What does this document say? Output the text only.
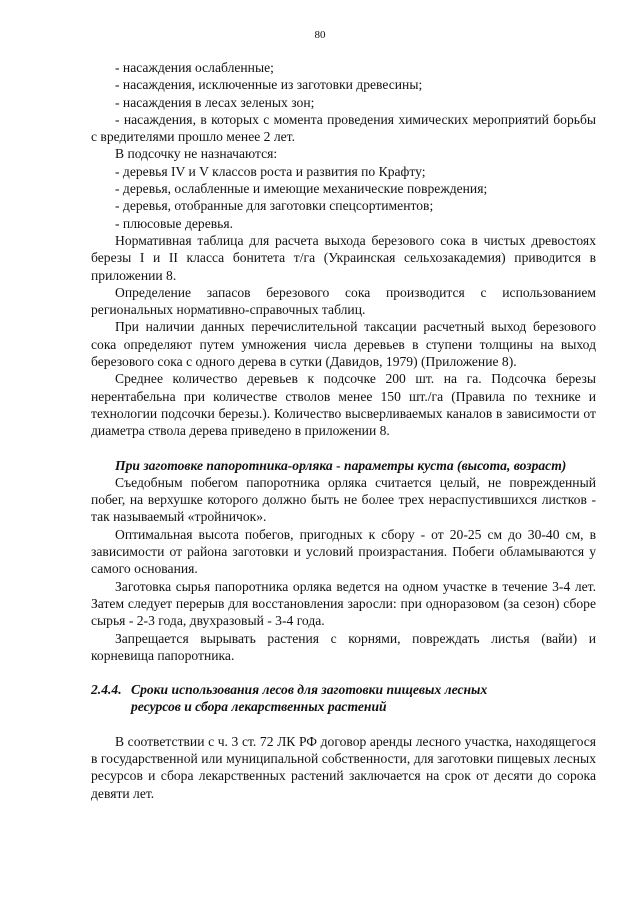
80

- насаждения ослабленные;

- насаждения, исключенные из заготовки древесины;

- насаждения в лесах зеленых зон;

- насаждения, в которых с момента проведения химических мероприятий борьбы с вредителями прошло менее 2 лет.

В подсочку не назначаются:

- деревья IV и V классов роста и развития по Крафту;

- деревья, ослабленные и имеющие механические повреждения;

- деревья, отобранные для заготовки спецсортиментов;

- плюсовые деревья.

Нормативная таблица для расчета выхода березового сока в чистых древостоях березы I и II класса бонитета т/га (Украинская сельхозакадемия) приводится в приложении 8.

Определение запасов березового сока производится с использованием региональных нормативно-справочных таблиц.

При наличии данных перечислительной таксации расчетный выход березового сока определяют путем умножения числа деревьев в ступени толщины на выход березового сока с одного дерева в сутки (Давидов, 1979) (Приложение 8).

Среднее количество деревьев к подсочке 200 шт. на га. Подсочка березы нерентабельна при количестве стволов менее 150 шт./га (Правила по технике и технологии подсочки березы.). Количество высверливаемых каналов в зависимости от диаметра ствола дерева приведено в приложении 8.

При заготовке папоротника-орляка - параметры куста (высота, возраст)

Съедобным побегом папоротника орляка считается целый, не поврежденный побег, на верхушке которого должно быть не более трех нераспустившихся листков - так называемый «тройничок».

Оптимальная высота побегов, пригодных к сбору - от 20-25 см до 30-40 см, в зависимости от района заготовки и условий произрастания. Побеги обламываются у самого основания.

Заготовка сырья папоротника орляка ведется на одном участке в течение 3-4 лет. Затем следует перерыв для восстановления заросли: при одноразовом (за сезон) сборе сырья - 2-3 года, двухразовый - 3-4 года.

Запрещается вырывать растения с корнями, повреждать листья (вайи) и корневища папоротника.

2.4.4. Сроки использования лесов для заготовки пищевых лесных
ресурсов и сбора лекарственных растений

В соответствии с ч. 3 ст. 72 ЛК РФ договор аренды лесного участка, находящегося в государственной или муниципальной собственности, для заготовки пищевых лесных ресурсов и сбора лекарственных растений заключается на срок от десяти до сорока девяти лет.
